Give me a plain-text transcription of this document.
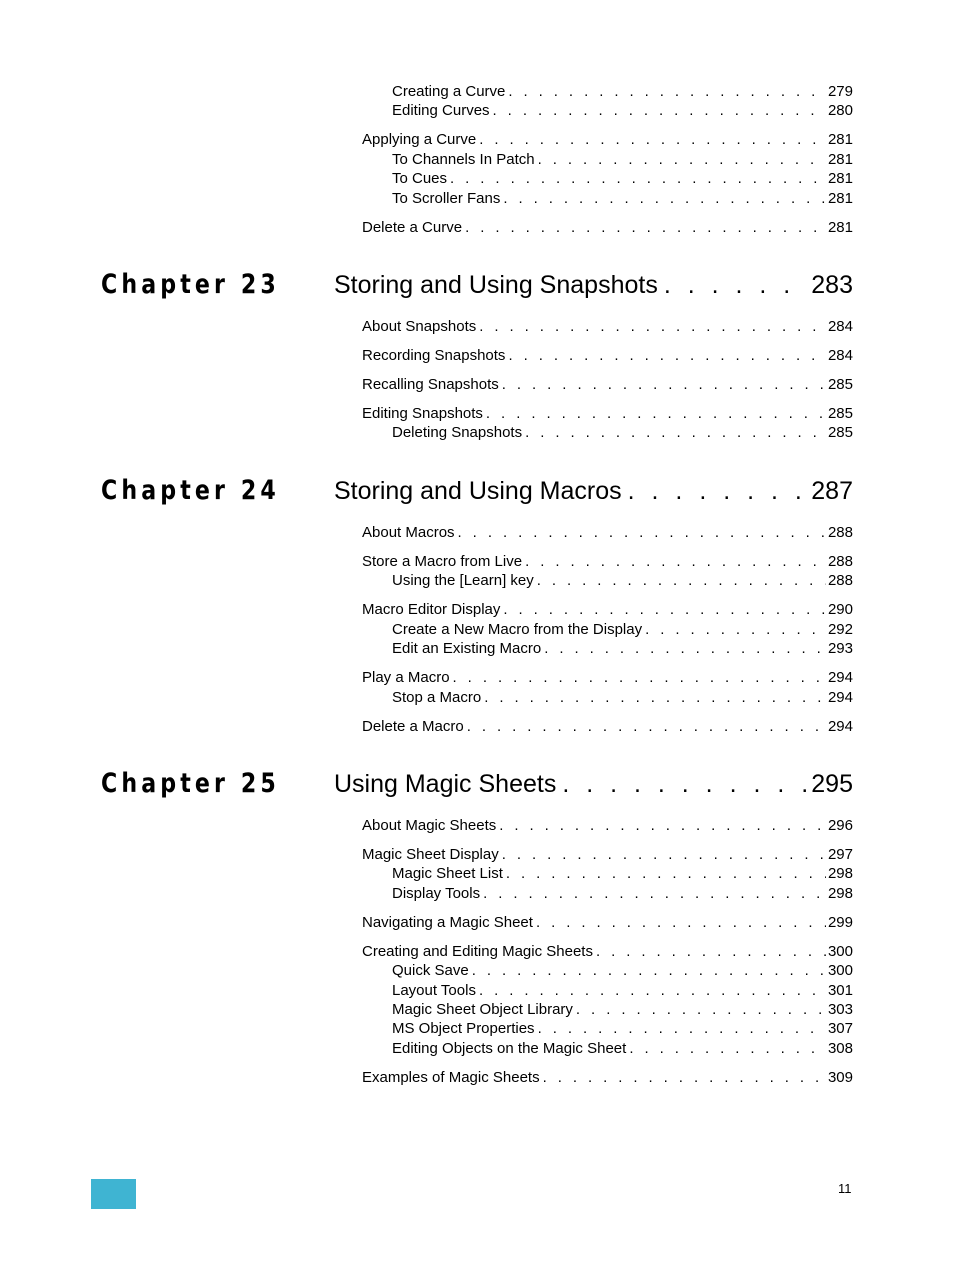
Creating a Curve . . .	279
Editing Curves . . .	280
Applying a Curve . . .	281
To Channels In Patch . . .	281
To Cues . . .	281
To Scroller Fans . . .	281
Delete a Curve . . .	281
Chapter 23 Storing and Using Snapshots . . .	283
About Snapshots . . .	284
Recording Snapshots . . .	284
Recalling Snapshots . . .	285
Editing Snapshots . . .	285
Deleting Snapshots . . .	285
Chapter 24 Storing and Using Macros . . .	287
About Macros . . .	288
Store a Macro from Live . . .	288
Using the [Learn] key . . .	288
Macro Editor Display . . .	290
Create a New Macro from the Display . . .	292
Edit an Existing Macro . . .	293
Play a Macro . . .	294
Stop a Macro . . .	294
Delete a Macro . . .	294
Chapter 25 Using Magic Sheets . . .	295
About Magic Sheets . . .	296
Magic Sheet Display . . .	297
Magic Sheet List . . .	298
Display Tools . . .	298
Navigating a Magic Sheet . . .	299
Creating and Editing Magic Sheets . . .	300
Quick Save . . .	300
Layout Tools . . .	301
Magic Sheet Object Library . . .	303
MS Object Properties . . .	307
Editing Objects on the Magic Sheet . . .	308
Examples of Magic Sheets . . .	309
11
